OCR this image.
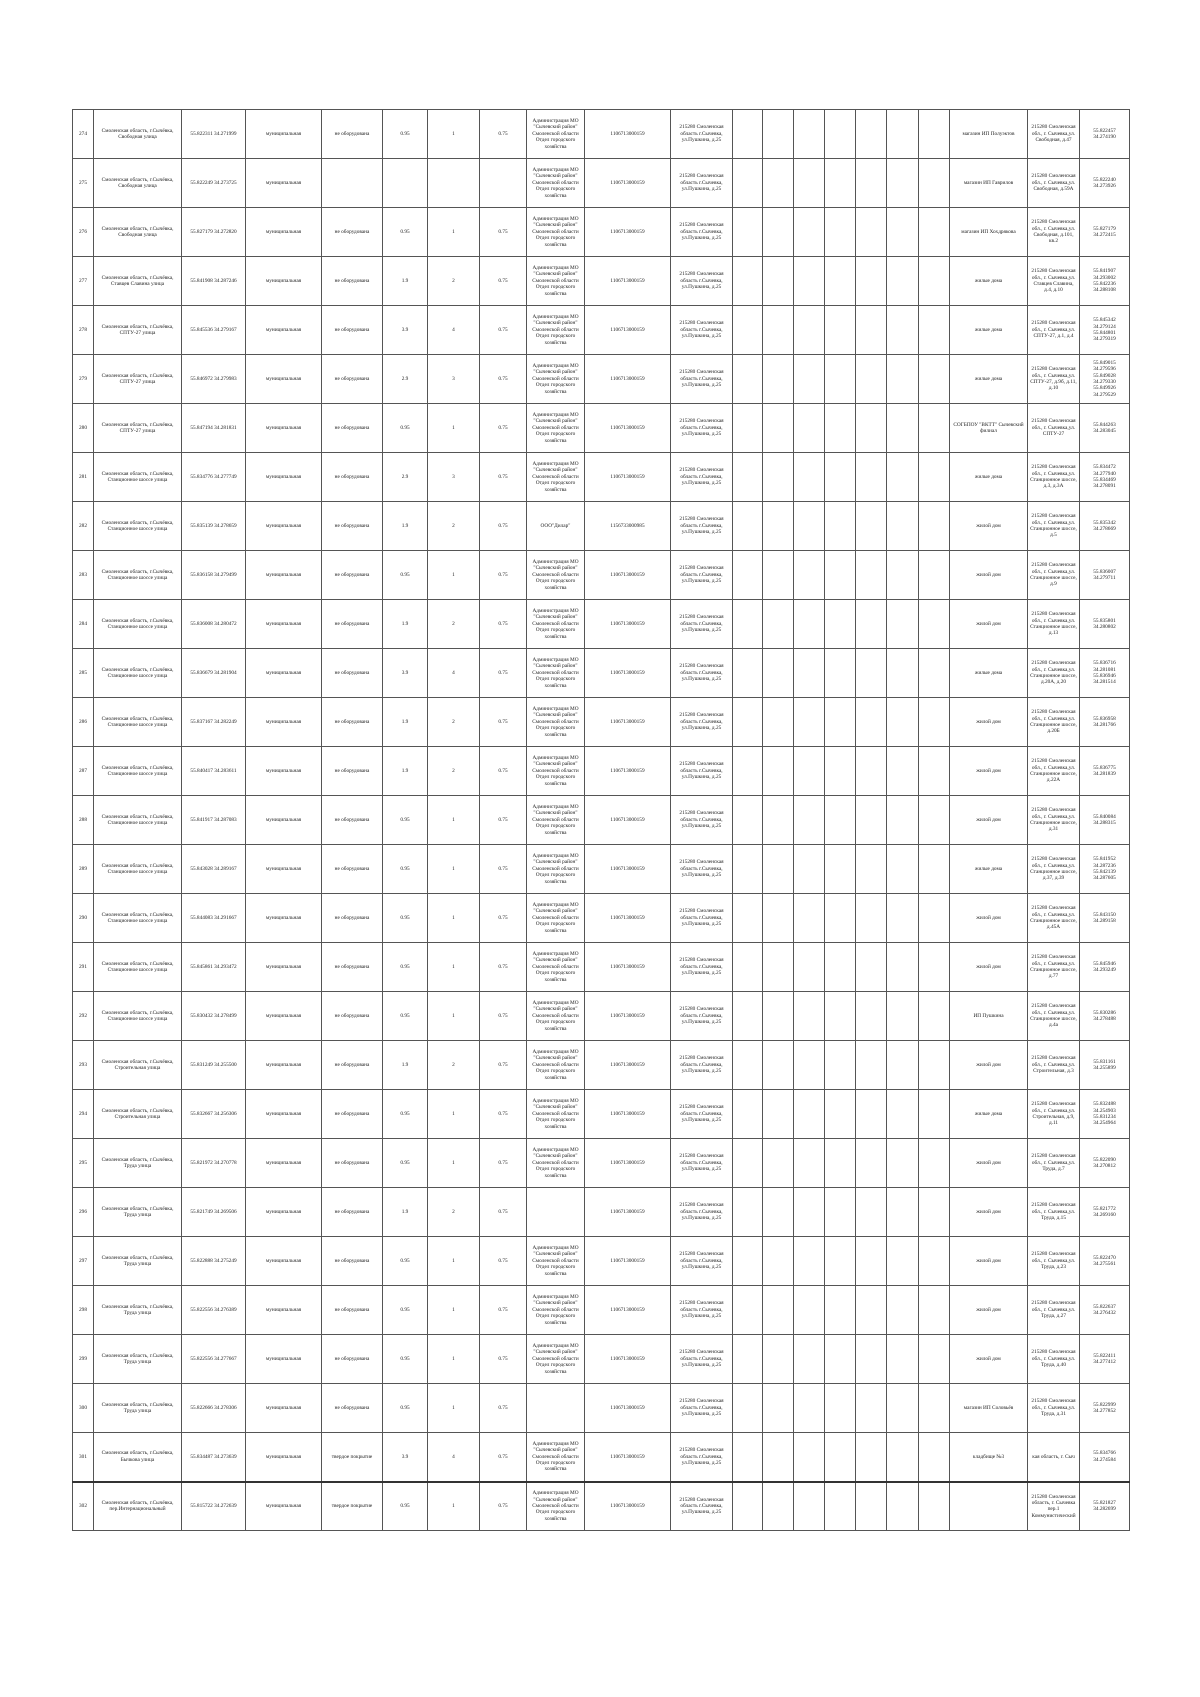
274	Смоленская область, г.Сычёвка, Свободная улица	55.822311 34.271999	муниципальная	не оборудована	0.95	1	0.75	Администрация МО "Сычевский район" Смоленской области Отдел городского хозяйства	1106713000159	215280 Смоленская область г.Сычевка, ул.Пушкина, д.25								магазин ИП Полуэктов	215280 Смоленская обл., г. Сычевка,ул. Свободная, д.47	55.822457 34.274190
275	Смоленская область, г.Сычёвка, Свободная улица	55.822249 34.273725	муниципальная					Администрация МО "Сычевский район" Смоленской области Отдел городского хозяйства	1106713000159	215280 Смоленская область г.Сычевка, ул.Пушкина, д.25								магазин ИП Гаврилов	215280 Смоленская обл., г. Сычевка,ул. Свободная, д.59А	55.822240 34.273926
276	Смоленская область, г.Сычёвка, Свободная улица	55.827179 34.272820	муниципальная	не оборудована	0.95	1	0.75	Администрация МО "Сычевский район" Смоленской области Отдел городского хозяйства	1106713000159	215280 Смоленская область г.Сычевка, ул.Пушкина, д.25								магазин ИП Хохдрякова	215280 Смоленская обл., г. Сычевка,ул. Свободная, д.101, кв.2	55.827179 34.272415
277	Смоленская область, г.Сычёвка, Ставцев Славина улица	55.841908 34.287246	муниципальная	не оборудована	1.9	2	0.75	Администрация МО "Сычевский район" Смоленской области Отдел городского хозяйства	1106713000159	215280 Смоленская область г.Сычевка, ул.Пушкина, д.25								жилые дома	215280 Смоленская обл., г. Сычевка,ул. Ставцев Славина, д.4, д.10	55.841907 34.293002 55.842236 34.288108
278	Смоленская область, г.Сычёвка, СПТУ-27 улица	55.845536 34.279167	муниципальная	не оборудована	3.9	4	0.75	Администрация МО "Сычевский район" Смоленской области Отдел городского хозяйства	1106713000159	215280 Смоленская область г.Сычевка, ул.Пушкина, д.25								жилые дома	215280 Смоленская обл., г. Сычевка,ул. СПТУ-27, д.1, д.4	55.845342 34.279124 55.844801 34.279319
279	Смоленская область, г.Сычёвка, СПТУ-27 улица	55.846972 34.279983	муниципальная	не оборудована	2.9	3	0.75	Администрация МО "Сычевский район" Смоленской области Отдел городского хозяйства	1106713000159	215280 Смоленская область г.Сычевка, ул.Пушкина, д.25								жилые дома	215280 Смоленская обл., г. Сычевка,ул. СПТУ-27, д.9б, д.11, д.10	55.849015 34.279596 55.849028 34.279330 55.849926 34.279529
280	Смоленская область, г.Сычёвка, СПТУ-27 улица	55.847194 34.281831	муниципальная	не оборудована	0.95	1	0.75	Администрация МО "Сычевский район" Смоленской области Отдел городского хозяйства	1106713000159	215280 Смоленская область г.Сычевка, ул.Пушкина, д.25								СОГБПОУ "ВКТТ" Сычевский филиал	215280 Смоленская обл., г. Сычевка,ул. СПТУ-27	55.844263 34.283045
281	Смоленская область, г.Сычёвка, Станционное шоссе улица	55.834776 34.277749	муниципальная	не оборудована	2.9	3	0.75	Администрация МО "Сычевский район" Смоленской области Отдел городского хозяйства	1106713000159	215280 Смоленская область г.Сычевка, ул.Пушкина, д.25								жилые дома	215280 Смоленская обл., г. Сычевка,ул. Станционное шоссе, д.3, д.3А	55.834472 34.277940 55.834469 34.278091
282	Смоленская область, г.Сычёвка, Станционное шоссе улица	55.835139 34.278659	муниципальная	не оборудована	1.9	2	0.75	ООО"Дилар"	1156733000985	215280 Смоленская область г.Сычевка, ул.Пушкина, д.25								жилой дом	215280 Смоленская обл., г. Сычевка,ул. Станционное шоссе, д.5	55.835342 34.278669
283	Смоленская область, г.Сычёвка, Станционное шоссе улица	55.836158 34.279499	муниципальная	не оборудована	0.95	1	0.75	Администрация МО "Сычевский район" Смоленской области Отдел городского хозяйства	1106713000159	215280 Смоленская область г.Сычевка, ул.Пушкина, д.25								жилой дом	215280 Смоленская обл., г. Сычевка,ул. Станционное шоссе, д.9	55.836007 34.279711
284	Смоленская область, г.Сычёвка, Станционное шоссе улица	55.836008 34.280472	муниципальная	не оборудована	1.9	2	0.75	Администрация МО "Сычевский район" Смоленской области Отдел городского хозяйства	1106713000159	215280 Смоленская область г.Сычевка, ул.Пушкина, д.25								жилой дом	215280 Смоленская обл., г. Сычевка,ул. Станционное шоссе, д.13	55.835801 34.280802
285	Смоленская область, г.Сычёвка, Станционное шоссе улица	55.836679 34.281904	муниципальная	не оборудована	3.9	4	0.75	Администрация МО "Сычевский район" Смоленской области Отдел городского хозяйства	1106713000159	215280 Смоленская область г.Сычевка, ул.Пушкина, д.25								жилые дома	215280 Смоленская обл., г. Сычевка,ул. Станционное шоссе, д.20А, д.20	55.836716 34.281081 55.836946 34.281514
286	Смоленская область, г.Сычёвка, Станционное шоссе улица	55.837167 34.282249	муниципальная	не оборудована	1.9	2	0.75	Администрация МО "Сычевский район" Смоленской области Отдел городского хозяйства	1106713000159	215280 Смоленская область г.Сычевка, ул.Пушкина, д.25								жилой дом	215280 Смоленская обл., г. Сычевка,ул. Станционное шоссе, д.20Б	55.836958 34.281766
287	Смоленская область, г.Сычёвка, Станционное шоссе улица	55.840417 34.283611	муниципальная	не оборудована	1.9	2	0.75	Администрация МО "Сычевский район" Смоленской области Отдел городского хозяйства	1106713000159	215280 Смоленская область г.Сычевка, ул.Пушкина, д.25								жилой дом	215280 Смоленская обл., г. Сычевка,ул. Станционное шоссе, д.22А	55.836775 34.281839
288	Смоленская область, г.Сычёвка, Станционное шоссе улица	55.841917 34.287083	муниципальная	не оборудована	0.95	1	0.75	Администрация МО "Сычевский район" Смоленской области Отдел городского хозяйства	1106713000159	215280 Смоленская область г.Сычевка, ул.Пушкина, д.25								жилой дом	215280 Смоленская обл., г. Сычевка,ул. Станционное шоссе, д.31	55.840084 34.288315
289	Смоленская область, г.Сычёвка, Станционное шоссе улица	55.843028 34.289167	муниципальная	не оборудована	0.95	1	0.75	Администрация МО "Сычевский район" Смоленской области Отдел городского хозяйства	1106713000159	215280 Смоленская область г.Сычевка, ул.Пушкина, д.25								жилые дома	215280 Смоленская обл., г. Сычевка,ул. Станционное шоссе, д.37, д.39	55.841952 34.287236 55.842139 34.287605
290	Смоленская область, г.Сычёвка, Станционное шоссе улица	55.844083 34.291667	муниципальная	не оборудована	0.95	1	0.75	Администрация МО "Сычевский район" Смоленской области Отдел городского хозяйства	1106713000159	215280 Смоленская область г.Сычевка, ул.Пушкина, д.25								жилой дом	215280 Смоленская обл., г. Сычевка,ул. Станционное шоссе, д.45А	55.843150 34.289158
291	Смоленская область, г.Сычёвка, Станционное шоссе улица	55.845861 34.293472	муниципальная	не оборудована	0.95	1	0.75	Администрация МО "Сычевский район" Смоленской области Отдел городского хозяйства	1106713000159	215280 Смоленская область г.Сычевка, ул.Пушкина, д.25								жилой дом	215280 Смоленская обл., г. Сычевка,ул. Станционное шоссе, д.77	55.845946 34.293249
292	Смоленская область, г.Сычёвка, Станционное шоссе улица	55.830432 34.278499	муниципальная	не оборудована	0.95	1	0.75	Администрация МО "Сычевский район" Смоленской области Отдел городского хозяйства	1106713000159	215280 Смоленская область г.Сычевка, ул.Пушкина, д.25								ИП Пушкина	215280 Смоленская обл., г. Сычевка,ул. Станционное шоссе, д.4а	55.830286 34.278488
293	Смоленская область, г.Сычёвка, Строительная улица	55.831249 34.255500	муниципальная	не оборудована	1.9	2	0.75	Администрация МО "Сычевский район" Смоленской области Отдел городского хозяйства	1106713000159	215280 Смоленская область г.Сычевка, ул.Пушкина, д.25								жилой дом	215280 Смоленская обл., г. Сычевка,ул. Строительная, д.3	55.831161 34.255899
294	Смоленская область, г.Сычёвка, Строительная улица	55.832667 34.256306	муниципальная	не оборудована	0.95	1	0.75	Администрация МО "Сычевский район" Смоленской области Отдел городского хозяйства	1106713000159	215280 Смоленская область г.Сычевка, ул.Пушкина, д.25								жилые дома	215280 Смоленская обл., г. Сычевка,ул. Строительная, д.9, д.11	55.832488 34.254903 55.831234 34.254964
295	Смоленская область, г.Сычёвка, Труда улица	55.821972 34.270778	муниципальная	не оборудована	0.95	1	0.75	Администрация МО "Сычевский район" Смоленской области Отдел городского хозяйства	1106713000159	215280 Смоленская область г.Сычевка, ул.Пушкина, д.25								жилой дом	215280 Смоленская обл., г. Сычевка,ул. Труда, д.7	55.822090 34.270812
296	Смоленская область, г.Сычёвка, Труда улица	55.821749 34.269506	муниципальная	не оборудована	1.9	2	0.75		1106713000159	215280 Смоленская область г.Сычевка, ул.Пушкина, д.25								жилой дом	215280 Смоленская обл., г. Сычевка,ул. Труда, д.15	55.821772 34.269160
297	Смоленская область, г.Сычёвка, Труда улица	55.822888 34.275249	муниципальная	не оборудована	0.95	1	0.75	Администрация МО "Сычевский район" Смоленской области Отдел городского хозяйства	1106713000159	215280 Смоленская область г.Сычевка, ул.Пушкина, д.25								жилой дом	215280 Смоленская обл., г. Сычевка,ул. Труда, д.23	55.822470 34.275561
298	Смоленская область, г.Сычёвка, Труда улица	55.822556 34.276389	муниципальная	не оборудована	0.95	1	0.75	Администрация МО "Сычевский район" Смоленской области Отдел городского хозяйства	1106713000159	215280 Смоленская область г.Сычевка, ул.Пушкина, д.25								жилой дом	215280 Смоленская обл., г. Сычевка,ул. Труда, д.27	55.822637 34.276432
299	Смоленская область, г.Сычёвка, Труда улица	55.822556 34.277667	муниципальная	не оборудована	0.95	1	0.75	Администрация МО "Сычевский район" Смоленской области Отдел городского хозяйства	1106713000159	215280 Смоленская область г.Сычевка, ул.Пушкина, д.25								жилой дом	215280 Смоленская обл., г. Сычевка,ул. Труда, д.40	55.822411 34.277412
300	Смоленская область, г.Сычёвка, Труда улица	55.822666 34.278306	муниципальная	не оборудована	0.95	1	0.75		1106713000159	215280 Смоленская область г.Сычевка, ул.Пушкина, д.25								магазин ИП Соловьёв	215280 Смоленская обл., г. Сычевка,ул. Труда, д.31	55.822999 34.277852
301	Смоленская область, г.Сычёвка, Бычкова улица	55.834487 34.273639	муниципальная	твердое покрытие	3.9	4	0.75	Администрация МО "Сычевский район" Смоленской области Отдел городского хозяйства	1106713000159	215280 Смоленская область г.Сычевка, ул.Пушкина, д.25								кладбище №3	кая область, г. Сыч	55.834766 34.274584
302	Смоленская область, г.Сычёвка, пер.Интернациональный	55.815722 34.272639	муниципальная	твердое покрытие	0.95	1	0.75	Администрация МО "Сычевский район" Смоленской области Отдел городского хозяйства	1106713000159	215280 Смоленская область г.Сычевка, ул.Пушкина, д.25									215280 Смоленская область, г. Сычевка пер.1 Коммунистический	55.821827 34.282699
